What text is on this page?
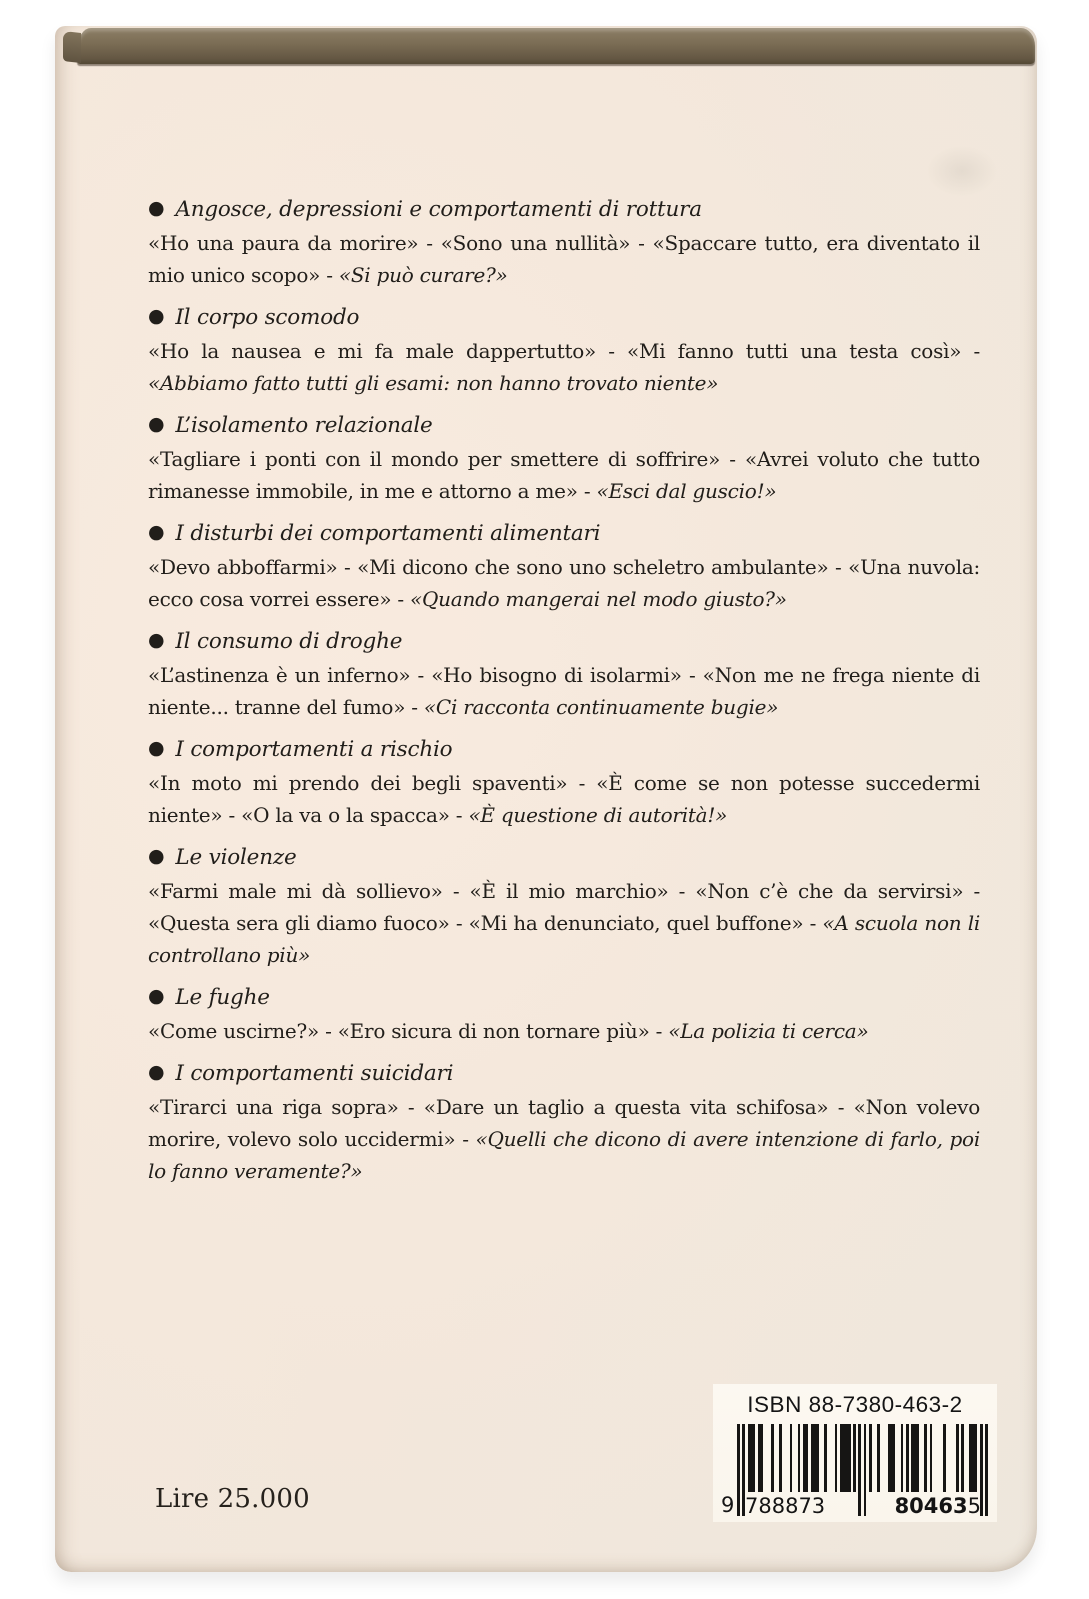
● Angosce, depressioni e comportamenti di rottura

«Ho una paura da morire» - «Sono una nullità» - «Spaccare tutto, era diventato il mio unico scopo» - «Si può curare?»

● Il corpo scomodo

«Ho la nausea e mi fa male dappertutto» - «Mi fanno tutti una testa così» - «Abbiamo fatto tutti gli esami: non hanno trovato niente»

● L’isolamento relazionale

«Tagliare i ponti con il mondo per smettere di soffrire» - «Avrei voluto che tutto rimanesse immobile, in me e attorno a me» - «Esci dal guscio!»

● I disturbi dei comportamenti alimentari

«Devo abboffarmi» - «Mi dicono che sono uno scheletro ambulante» - «Una nuvola: ecco cosa vorrei essere» - «Quando mangerai nel modo giusto?»

● Il consumo di droghe

«L’astinenza è un inferno» - «Ho bisogno di isolarmi» - «Non me ne frega niente di niente... tranne del fumo» - «Ci racconta continuamente bugie»

● I comportamenti a rischio

«In moto mi prendo dei begli spaventi» - «È come se non potesse succedermi niente» - «O la va o la spacca» - «È questione di autorità!»

● Le violenze

«Farmi male mi dà sollievo» - «È il mio marchio» - «Non c’è che da servirsi» - «Questa sera gli diamo fuoco» - «Mi ha denunciato, quel buffone» - «A scuola non li controllano più»

● Le fughe

«Come uscirne?» - «Ero sicura di non tornare più» - «La polizia ti cerca»

● I comportamenti suicidari

«Tirarci una riga sopra» - «Dare un taglio a questa vita schifosa» - «Non volevo morire, volevo solo uccidermi» - «Quelli che dicono di avere intenzione di farlo, poi lo fanno veramente?»

Lire 25.000
ISBN 88-7380-463-2
9 788873	804635
